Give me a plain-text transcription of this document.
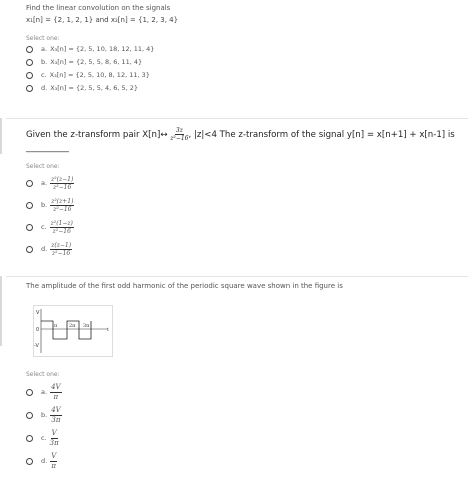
Find the linear convolution on the signals
x₁[n] = {2, 1, 2, 1} and x₂[n] = {1, 2, 3, 4}
Select one:
a. X₃[n] = {2, 5, 10, 18, 12, 11, 4}
b. X₃[n] = {2, 5, 5, 8, 6, 11, 4}
c. X₃[n] = {2, 5, 10, 8, 12, 11, 3}
d. X₃[n] = {2, 5, 5, 4, 6, 5, 2}
Given the z-transform pair X[n]↔ $\frac{3z}{\text{z²−16}}$ , |z|<4 The z-transform of the signal y[n] = x[n+1] + x[n-1] is __________
Select one:
a. $\frac{\text{z²(z−1)}}{\text{z²−16}}$
b. $\frac{\text{z²(z+1)}}{\text{z²−16}}$
c. $\frac{\text{z²(1−z)}}{\text{z²−16}}$
d. $\frac{z(z-1)}{\text{z²−16}}$
The amplitude of the first odd harmonic of the periodic square wave shown in the figure is
V
0
-V
π 2π 3π
t
Select one:
a. $\frac{4V}{\pi}$
b. $\frac{4V}{3\pi}$
c. $\frac{V}{3\pi}$
d. $\frac{V}{\pi}$
